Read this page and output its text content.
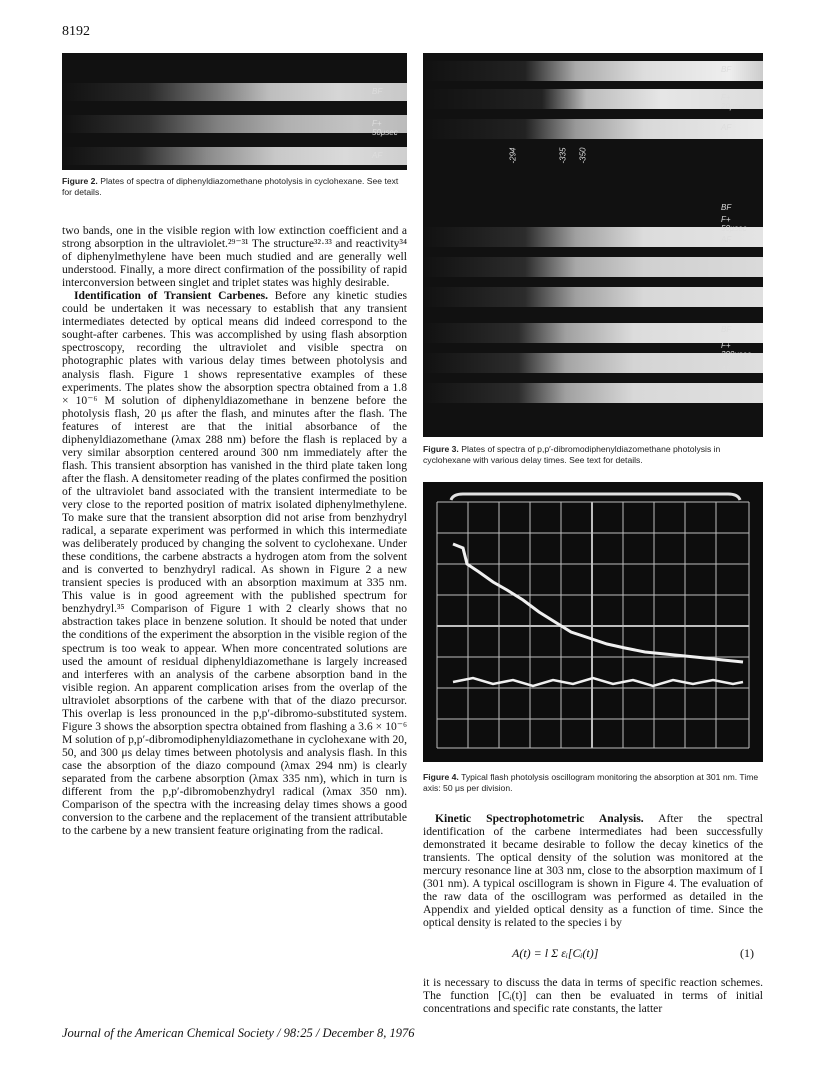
8192
BF
F+ 50μsec
AF
Figure 2. Plates of spectra of diphenyldiazomethane photolysis in cyclohexane. See text for details.

two bands, one in the visible region with low extinction coefficient and a strong absorption in the ultraviolet.²⁹⁻³¹ The structure³²·³³ and reactivity³⁴ of diphenylmethylene have been much studied and are generally well understood. Finally, a more direct confirmation of the possibility of rapid interconversion between singlet and triplet states was highly desirable.

Identification of Transient Carbenes. Before any kinetic studies could be undertaken it was necessary to establish that any transient intermediates detected by optical means did indeed correspond to the sought-after carbenes. This was accomplished by using flash absorption spectroscopy, recording the ultraviolet and visible spectra on photographic plates with various delay times between photolysis and analysis flash. Figure 1 shows representative examples of these experiments. The plates show the absorption spectra obtained from a 1.8 × 10⁻⁶ M solution of diphenyldiazomethane in benzene before the photolysis flash, 20 μs after the flash, and minutes after the flash. The features of interest are that the initial absorbance of the diphenyldiazomethane (λmax 288 nm) before the flash is replaced by a very similar absorption centered around 300 nm immediately after the flash. This transient absorption has vanished in the third plate taken long after the flash. A densitometer reading of the plates confirmed the position of the ultraviolet band associated with the transient intermediate to be very close to the reported position of matrix isolated diphenylmethylene. To make sure that the transient absorption did not arise from benzhydryl radical, a separate experiment was performed in which this intermediate was deliberately produced by changing the solvent to cyclohexane. Under these conditions, the carbene abstracts a hydrogen atom from the solvent and is converted to benzhydryl radical. As shown in Figure 2 a new transient species is produced with an absorption maximum at 335 nm. This value is in good agreement with the published spectrum for benzhydryl.³⁵ Comparison of Figure 1 with 2 clearly shows that no abstraction takes place in benzene solution. It should be noted that under the conditions of the experiment the absorption in the visible region of the spectrum is too weak to appear. When more concentrated solutions are used the amount of residual diphenyldiazomethane is largely increased and interferes with an analysis of the carbene absorption band in the visible region. An apparent complication arises from the overlap of the ultraviolet absorptions of the carbene with that of the diazo precursor. This overlap is less pronounced in the p,p′-dibromo-substituted system. Figure 3 shows the absorption spectra obtained from flashing a 3.6 × 10⁻⁶ M solution of p,p′-dibromodiphenyldiazomethane in cyclohexane with 20, 50, and 300 μs delay times between photolysis and analysis flash. In this case the absorption of the diazo compound (λmax 294 nm) is clearly separated from the carbene absorption (λmax 335 nm), which in turn is different from the p,p′-dibromobenzhydryl radical (λmax 350 nm). Comparison of the spectra with the increasing delay times shows a good conversion to the carbene and the replacement of the transient attributable to the carbene by a new transient feature originating from the radical.

BF
F+ 20μsec
AF
BF
F+ 50μsec
AF
BF
F+ 300μsec
AF
-294	-335 -350
Figure 3. Plates of spectra of p,p′-dibromodiphenyldiazomethane photolysis in cyclohexane with various delay times. See text for details.
Figure 4. Typical flash photolysis oscillogram monitoring the absorption at 301 nm. Time axis: 50 μs per division.

Kinetic Spectrophotometric Analysis. After the spectral identification of the carbene intermediates had been successfully demonstrated it became desirable to follow the decay kinetics of the transients. The optical density of the solution was monitored at the mercury resonance line at 303 nm, close to the absorption maximum of I (301 nm). A typical oscillogram is shown in Figure 4. The evaluation of the raw data of the oscillogram was performed as detailed in the Appendix and yielded optical density as a function of time. Since the optical density is related to the species i by

A(t) = l Σ εᵢ[Cᵢ(t)]	(1)

it is necessary to discuss the data in terms of specific reaction schemes. The function [Cᵢ(t)] can then be evaluated in terms of initial concentrations and specific rate constants, the latter

Journal of the American Chemical Society / 98:25 / December 8, 1976
